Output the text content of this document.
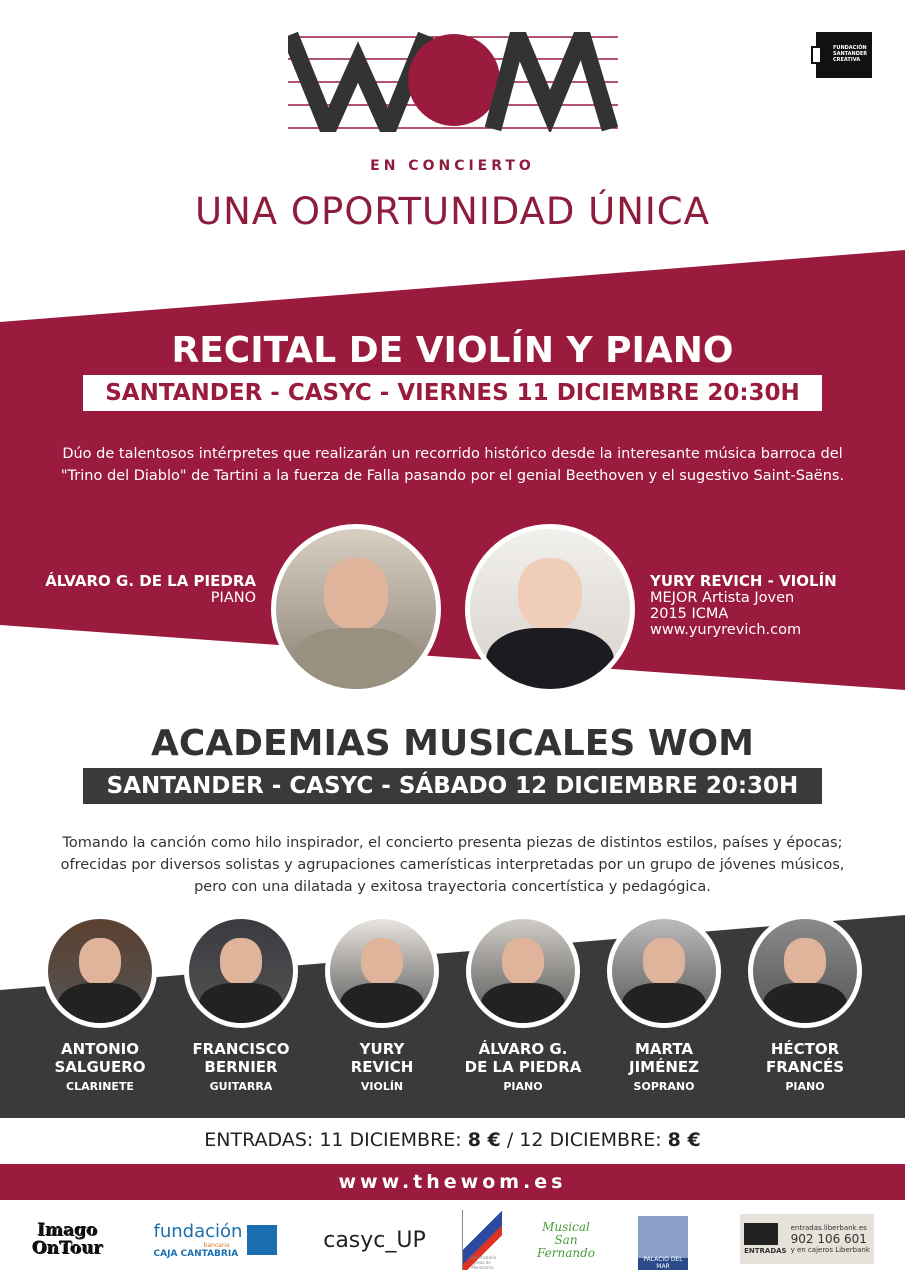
FUNDACIÓN SANTANDER CREATIVA
EN CONCIERTO
UNA OPORTUNIDAD ÚNICA
RECITAL DE VIOLÍN Y PIANO
SANTANDER - CASYC - VIERNES 11 DICIEMBRE 20:30H
Dúo de talentosos intérpretes que realizarán un recorrido histórico desde la interesante música barroca del "Trino del Diablo" de Tartini a la fuerza de Falla pasando por el genial Beethoven y el sugestivo Saint-Saëns.
ÁLVARO G. DE LA PIEDRA
PIANO
YURY REVICH - VIOLÍN
MEJOR Artista Joven
2015 ICMA
www.yuryrevich.com
ACADEMIAS MUSICALES WOM
SANTANDER - CASYC - SÁBADO 12 DICIEMBRE 20:30H
Tomando la canción como hilo inspirador, el concierto presenta piezas de distintos estilos, países y épocas; ofrecidas por diversos solistas y agrupaciones camerísticas interpretadas por un grupo de jóvenes músicos, pero con una dilatada y exitosa trayectoria concertística y pedagógica.
ANTONIO
SALGUERO
CLARINETE
FRANCISCO
BERNIER
GUITARRA
YURY
REVICH
VIOLÍN
ÁLVARO G.
DE LA PIEDRA
PIANO
MARTA
JIMÉNEZ
SOPRANO
HÉCTOR
FRANCÉS
PIANO
ENTRADAS: 11 DICIEMBRE: 8 € / 12 DICIEMBRE: 8 €
www.thewom.es
Imago OnTour
fundación
bancaria
CAJA CANTABRIA
casyc_UP
Conservatorio Jesús de Monasterio
Musical San Fernando	PALACIO DEL MAR
ENTRADAS
entradas.liberbank.es
902 106 601
y en cajeros Liberbank
